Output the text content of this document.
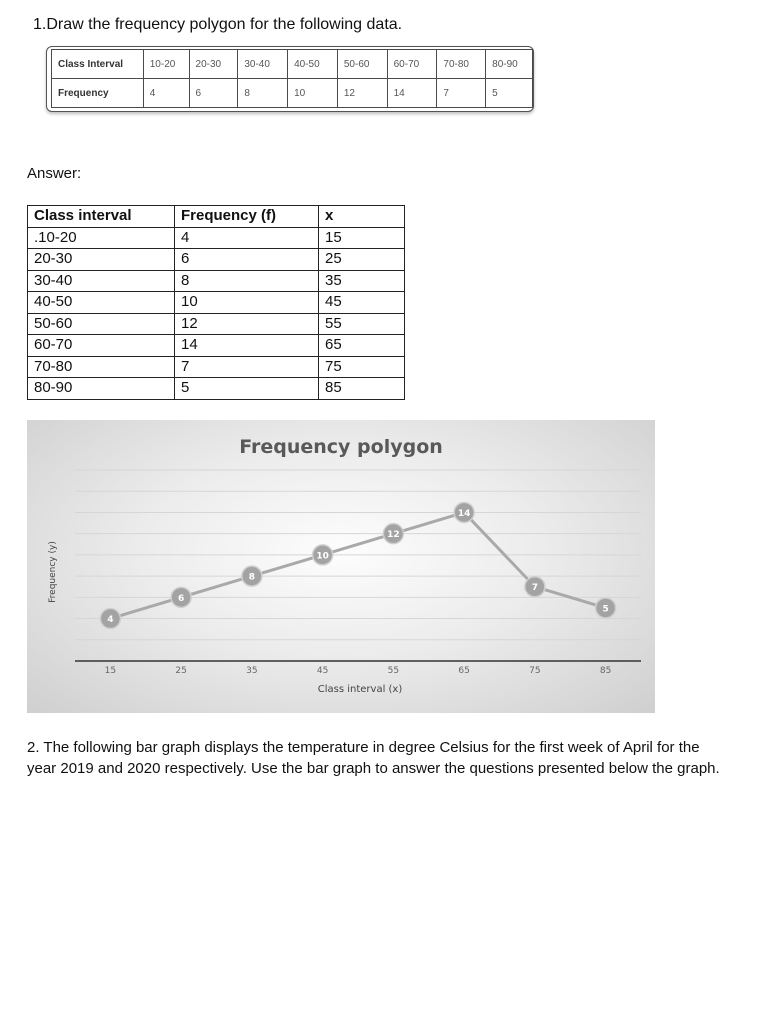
1.Draw the frequency polygon for the following data.
Class Interval	10-20	20-30	30-40	40-50	50-60	60-70	70-80	80-90
Frequency	4	6	8	10	12	14	7	5
Answer:
Class interval	Frequency (f)	x
.10-20	4	15
20-30	6	25
30-40	8	35
40-50	10	45
50-60	12	55
60-70	14	65
70-80	7	75
80-90	5	85
Frequency polygon
15	25	35	45	55	65	75	85
Class interval (x)
Frequency (y)
4
6
8
10
12
14
7
5
2. The following bar graph displays the temperature in degree Celsius for the first week of April for the year 2019 and 2020 respectively. Use the bar graph to answer the questions presented below the graph.
